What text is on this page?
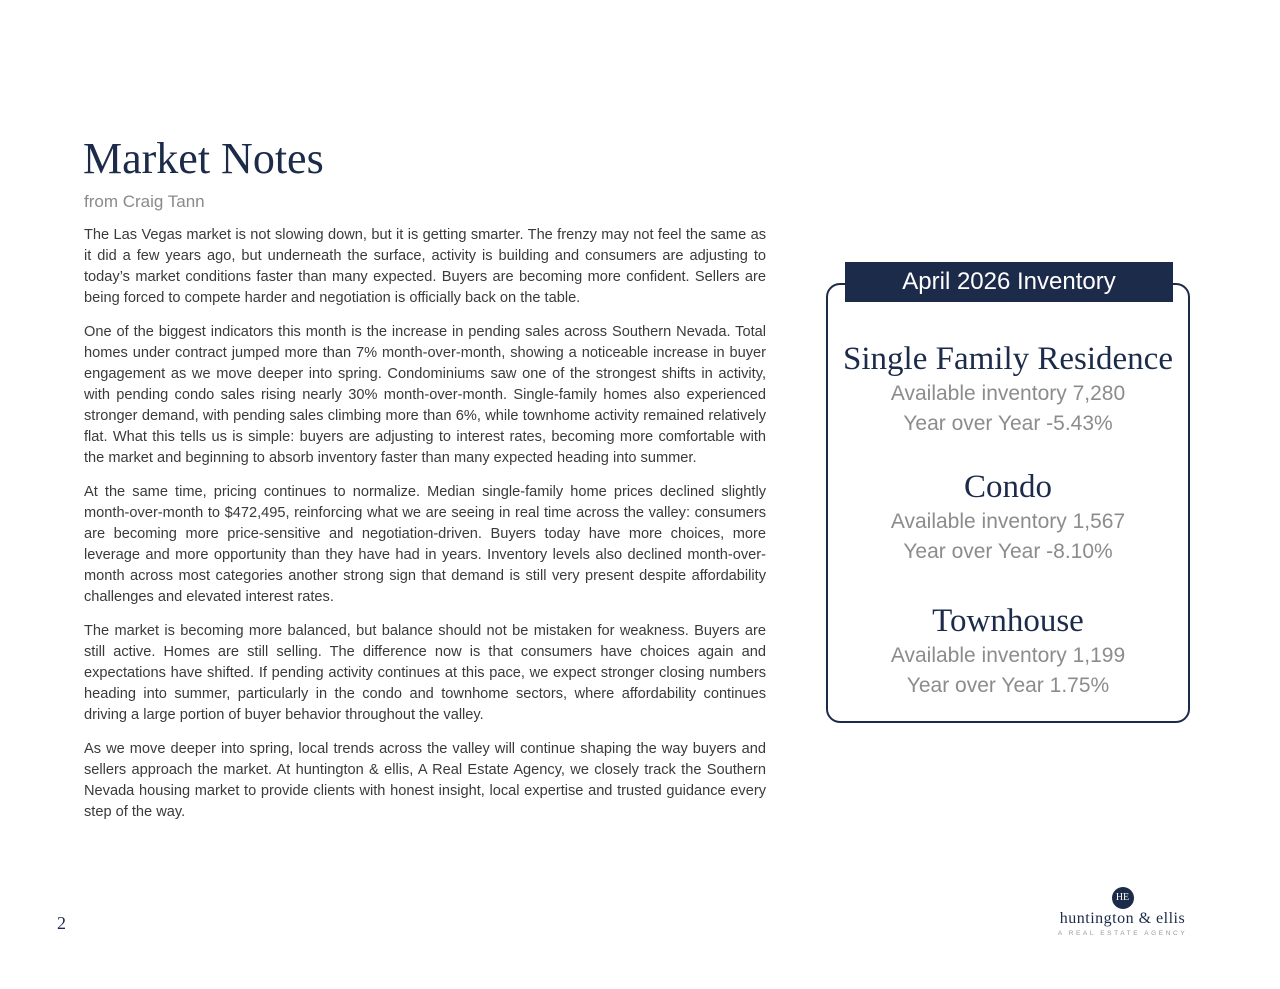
Market Notes
from Craig Tann

The Las Vegas market is not slowing down, but it is getting smarter. The frenzy may not feel the same as it did a few years ago, but underneath the surface, activity is building and consumers are adjusting to today’s market conditions faster than many expected. Buyers are becoming more confident. Sellers are being forced to compete harder and negotiation is officially back on the table.

One of the biggest indicators this month is the increase in pending sales across Southern Nevada. Total homes under contract jumped more than 7% month-over-month, showing a noticeable increase in buyer engagement as we move deeper into spring. Condominiums saw one of the strongest shifts in activity, with pending condo sales rising nearly 30% month-over-month. Single-family homes also experienced stronger demand, with pending sales climbing more than 6%, while townhome activity remained relatively flat. What this tells us is simple: buyers are adjusting to interest rates, becoming more comfortable with the market and beginning to absorb inventory faster than many expected heading into summer.

At the same time, pricing continues to normalize. Median single-family home prices declined slightly month-over-month to $472,495, reinforcing what we are seeing in real time across the valley: consumers are becoming more price-sensitive and negotiation-driven. Buyers today have more choices, more leverage and more opportunity than they have had in years. Inventory levels also declined month-over-month across most categories another strong sign that demand is still very present despite affordability challenges and elevated interest rates.

The market is becoming more balanced, but balance should not be mistaken for weakness. Buyers are still active. Homes are still selling. The difference now is that consumers have choices again and expectations have shifted. If pending activity continues at this pace, we expect stronger closing numbers heading into summer, particularly in the condo and townhome sectors, where affordability continues driving a large portion of buyer behavior throughout the valley.

As we move deeper into spring, local trends across the valley will continue shaping the way buyers and sellers approach the market. At huntington & ellis, A Real Estate Agency, we closely track the Southern Nevada housing market to provide clients with honest insight, local expertise and trusted guidance every step of the way.

2
April 2026 Inventory
Single Family Residence
Available inventory 7,280
Year over Year -5.43%
Condo
Available inventory 1,567
Year over Year -8.10%
Townhouse
Available inventory 1,199
Year over Year 1.75%
HE
huntington & ellis
A REAL ESTATE AGENCY
